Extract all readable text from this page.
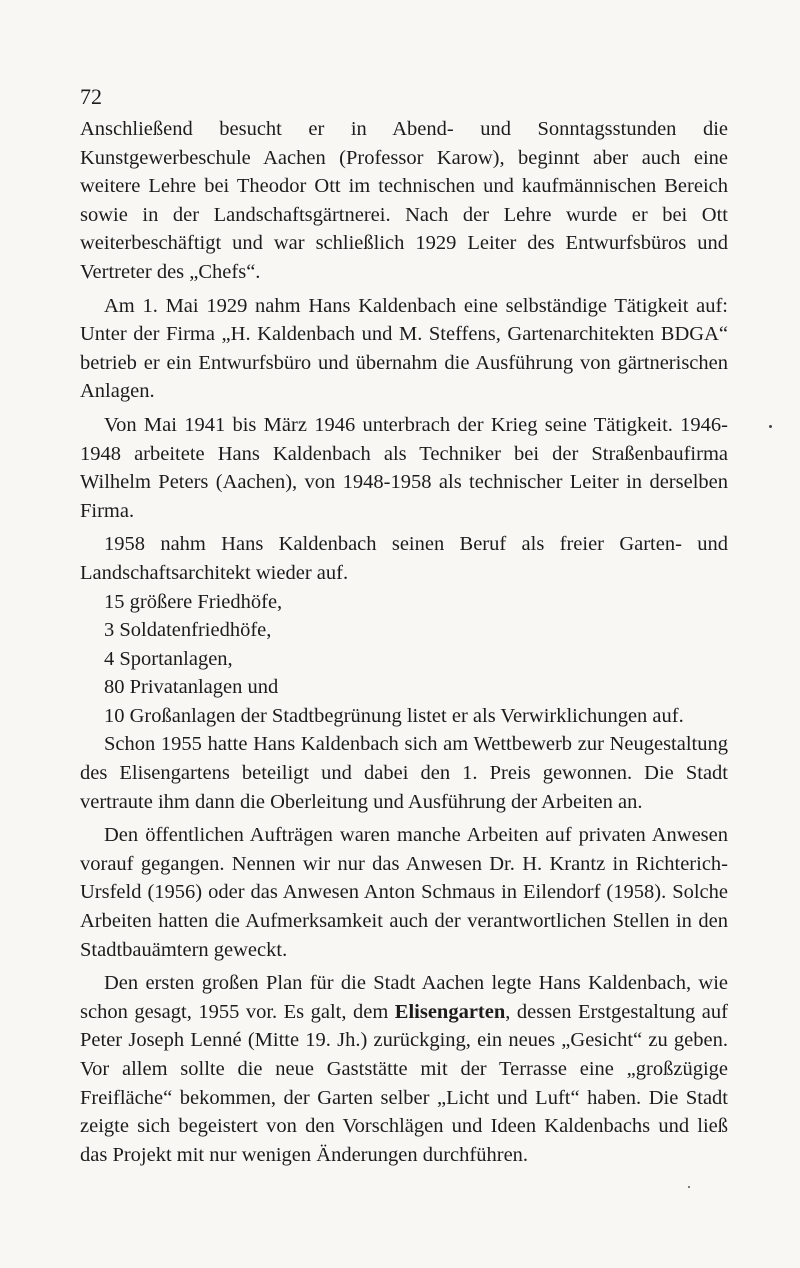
72

Anschließend besucht er in Abend- und Sonntagsstunden die Kunstgewerbeschule Aachen (Professor Karow), beginnt aber auch eine weitere Lehre bei Theodor Ott im technischen und kaufmännischen Bereich sowie in der Landschaftsgärtnerei. Nach der Lehre wurde er bei Ott weiterbeschäftigt und war schließlich 1929 Leiter des Entwurfsbüros und Vertreter des „Chefs“.

Am 1. Mai 1929 nahm Hans Kaldenbach eine selbständige Tätigkeit auf: Unter der Firma „H. Kaldenbach und M. Steffens, Gartenarchitekten BDGA“ betrieb er ein Entwurfsbüro und übernahm die Ausführung von gärtnerischen Anlagen.

Von Mai 1941 bis März 1946 unterbrach der Krieg seine Tätigkeit. 1946-1948 arbeitete Hans Kaldenbach als Techniker bei der Straßenbaufirma Wilhelm Peters (Aachen), von 1948-1958 als technischer Leiter in derselben Firma.

1958 nahm Hans Kaldenbach seinen Beruf als freier Garten- und Landschaftsarchitekt wieder auf.

15 größere Friedhöfe,

3 Soldatenfriedhöfe,

4 Sportanlagen,

80 Privatanlagen und

10 Großanlagen der Stadtbegrünung listet er als Verwirklichungen auf.

Schon 1955 hatte Hans Kaldenbach sich am Wettbewerb zur Neugestaltung des Elisengartens beteiligt und dabei den 1. Preis gewonnen. Die Stadt vertraute ihm dann die Oberleitung und Ausführung der Arbeiten an.

Den öffentlichen Aufträgen waren manche Arbeiten auf privaten Anwesen vorauf gegangen. Nennen wir nur das Anwesen Dr. H. Krantz in Richterich-Ursfeld (1956) oder das Anwesen Anton Schmaus in Eilendorf (1958). Solche Arbeiten hatten die Aufmerksamkeit auch der verantwortlichen Stellen in den Stadtbauämtern geweckt.

Den ersten großen Plan für die Stadt Aachen legte Hans Kaldenbach, wie schon gesagt, 1955 vor. Es galt, dem Elisengarten, dessen Erstgestaltung auf Peter Joseph Lenné (Mitte 19. Jh.) zurückging, ein neues „Gesicht“ zu geben. Vor allem sollte die neue Gaststätte mit der Terrasse eine „großzügige Freifläche“ bekommen, der Garten selber „Licht und Luft“ haben. Die Stadt zeigte sich begeistert von den Vorschlägen und Ideen Kaldenbachs und ließ das Projekt mit nur wenigen Änderungen durchführen.
